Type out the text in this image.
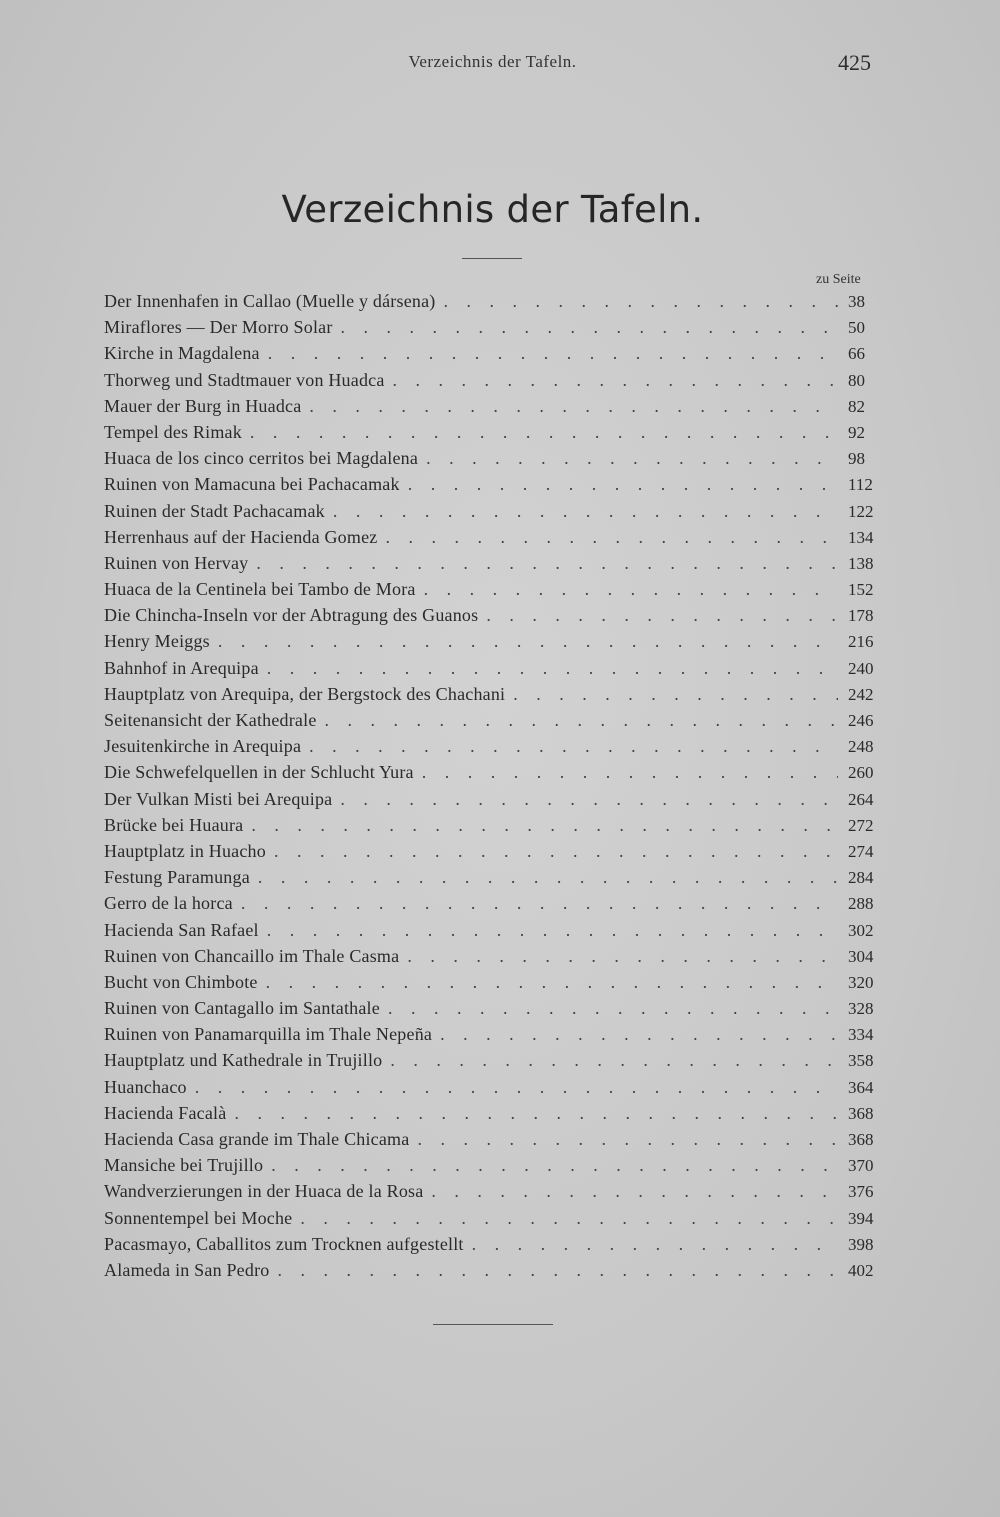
Verzeichnis der Tafeln.	425
Verzeichnis der Tafeln.
zu Seite
Der Innenhafen in Callao (Muelle y dársena) . . .	38
Miraflores — Der Morro Solar . . .	50
Kirche in Magdalena . . .	66
Thorweg und Stadtmauer von Huadca . . .	80
Mauer der Burg in Huadca . . .	82
Tempel des Rimak . . .	92
Huaca de los cinco cerritos bei Magdalena . . .	98
Ruinen von Mamacuna bei Pachacamak . . .	112
Ruinen der Stadt Pachacamak . . .	122
Herrenhaus auf der Hacienda Gomez . . .	134
Ruinen von Hervay . . .	138
Huaca de la Centinela bei Tambo de Mora . . .	152
Die Chincha-Inseln vor der Abtragung des Guanos . . .	178
Henry Meiggs . . .	216
Bahnhof in Arequipa . . .	240
Hauptplatz von Arequipa, der Bergstock des Chachani . . .	242
Seitenansicht der Kathedrale . . .	246
Jesuitenkirche in Arequipa . . .	248
Die Schwefelquellen in der Schlucht Yura . . .	260
Der Vulkan Misti bei Arequipa . . .	264
Brücke bei Huaura . . .	272
Hauptplatz in Huacho . . .	274
Festung Paramunga . . .	284
Gerro de la horca . . .	288
Hacienda San Rafael . . .	302
Ruinen von Chancaillo im Thale Casma . . .	304
Bucht von Chimbote . . .	320
Ruinen von Cantagallo im Santathale . . .	328
Ruinen von Panamarquilla im Thale Nepeña . . .	334
Hauptplatz und Kathedrale in Trujillo . . .	358
Huanchaco . . .	364
Hacienda Facalà . . .	368
Hacienda Casa grande im Thale Chicama . . .	368
Mansiche bei Trujillo . . .	370
Wandverzierungen in der Huaca de la Rosa . . .	376
Sonnentempel bei Moche . . .	394
Pacasmayo, Caballitos zum Trocknen aufgestellt . . .	398
Alameda in San Pedro . . .	402
